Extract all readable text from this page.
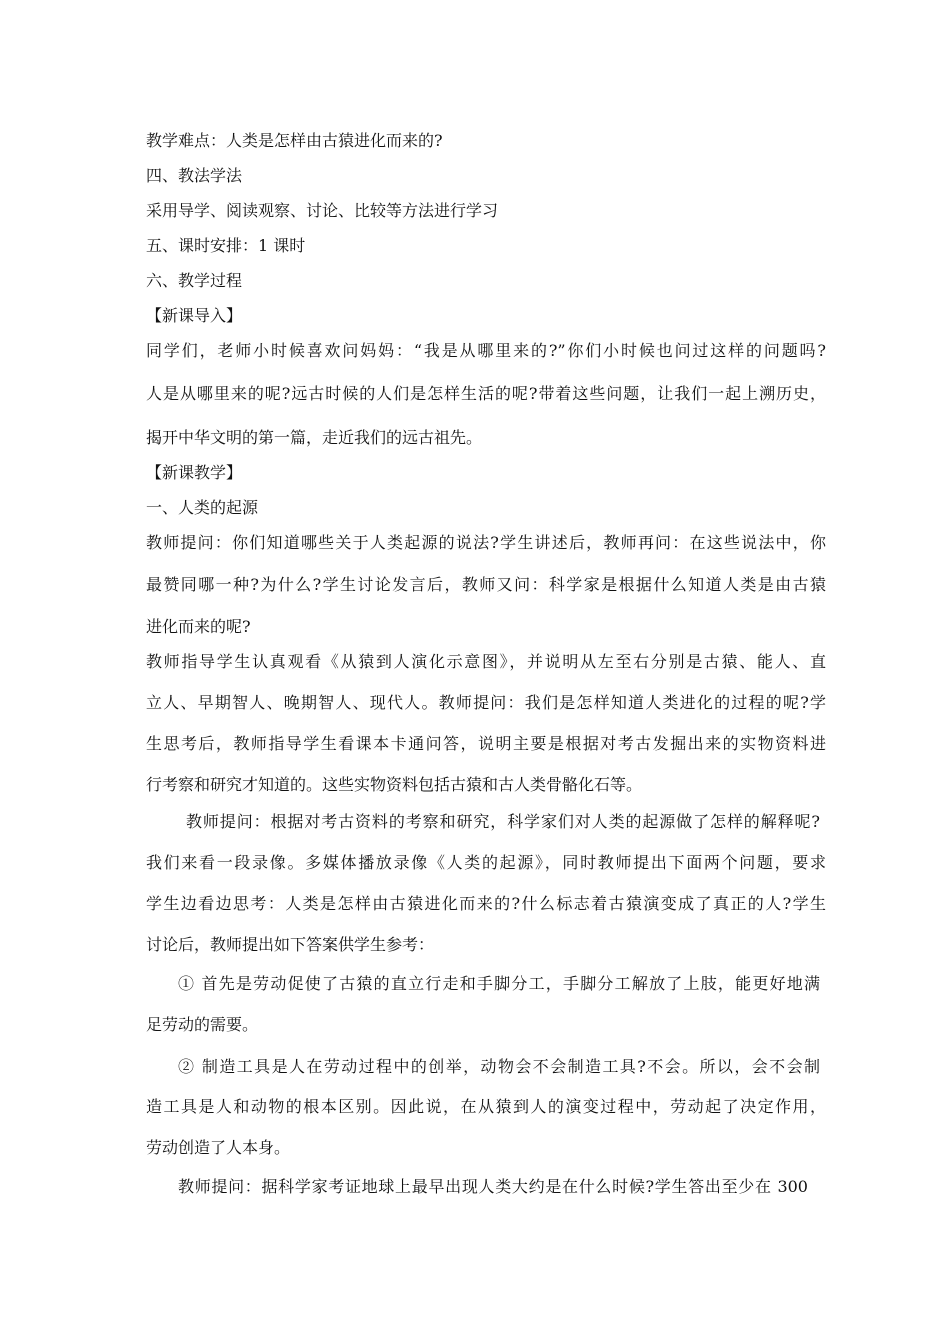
教学难点：人类是怎样由古猿进化而来的?
四、教法学法
采用导学、阅读观察、讨论、比较等方法进行学习
五、课时安排：1 课时
六、教学过程
【新课导入】
同学们，老师小时候喜欢问妈妈：“我是从哪里来的?”你们小时候也问过这样的问题吗?
人是从哪里来的呢?远古时候的人们是怎样生活的呢?带着这些问题，让我们一起上溯历史，
揭开中华文明的第一篇，走近我们的远古祖先。
【新课教学】
一、人类的起源
教师提问：你们知道哪些关于人类起源的说法?学生讲述后，教师再问：在这些说法中，你
最赞同哪一种?为什么?学生讨论发言后，教师又问：科学家是根据什么知道人类是由古猿
进化而来的呢?
教师指导学生认真观看《从猿到人演化示意图》，并说明从左至右分别是古猿、能人、直
立人、早期智人、晚期智人、现代人。教师提问：我们是怎样知道人类进化的过程的呢?学
生思考后，教师指导学生看课本卡通问答，说明主要是根据对考古发掘出来的实物资料进
行考察和研究才知道的。这些实物资料包括古猿和古人类骨骼化石等。
教师提问：根据对考古资料的考察和研究，科学家们对人类的起源做了怎样的解释呢?
我们来看一段录像。多媒体播放录像《人类的起源》，同时教师提出下面两个问题，要求
学生边看边思考：人类是怎样由古猿进化而来的?什么标志着古猿演变成了真正的人?学生
讨论后，教师提出如下答案供学生参考：
① 首先是劳动促使了古猿的直立行走和手脚分工，手脚分工解放了上肢，能更好地满
足劳动的需要。
② 制造工具是人在劳动过程中的创举，动物会不会制造工具?不会。所以，会不会制
造工具是人和动物的根本区别。因此说，在从猿到人的演变过程中，劳动起了决定作用，
劳动创造了人本身。
教师提问：据科学家考证地球上最早出现人类大约是在什么时候?学生答出至少在 300
